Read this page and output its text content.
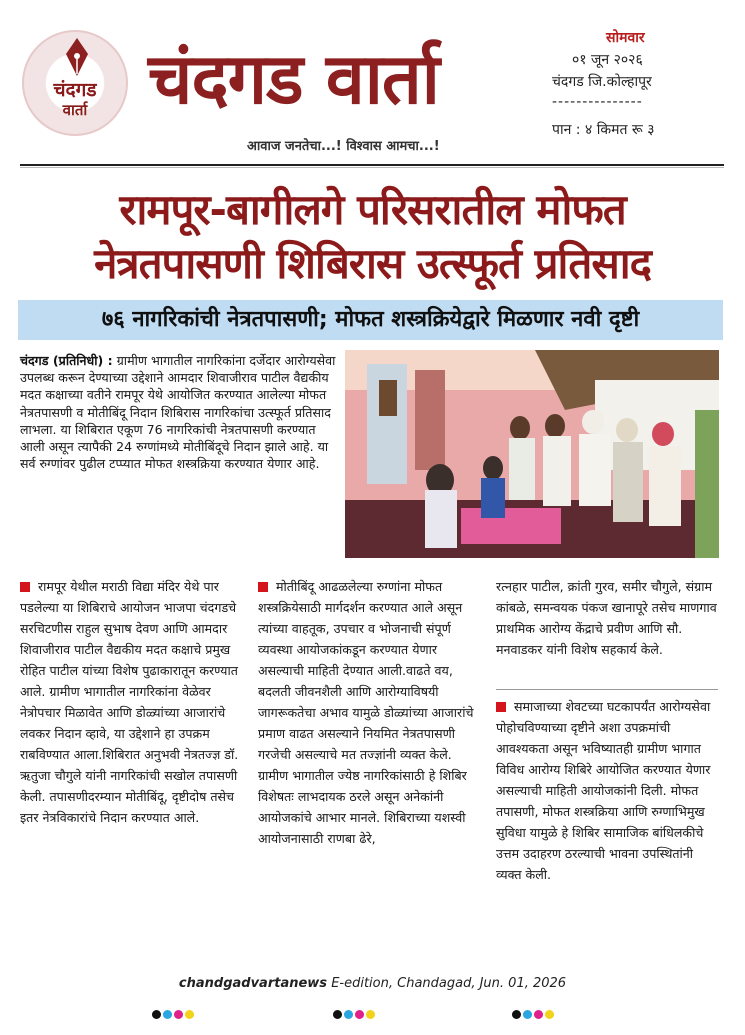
चंदगड
वार्ता चंदगड वार्ता
आवाज जनतेचा...! विश्वास आमचा...!
सोमवार
०१ जून २०२६
चंदगड जि.कोल्हापूर
---------------
पान : ४ किमत रू ३
रामपूर-बागीलगे परिसरातील मोफत
नेत्रतपासणी शिबिरास उत्स्फूर्त प्रतिसाद
७६ नागरिकांची नेत्रतपासणी; मोफत शस्त्रक्रियेद्वारे मिळणार नवी दृष्टी
चंदगड (प्रतिनिधी) : ग्रामीण भागातील नागरिकांना दर्जेदार आरोग्यसेवा उपलब्ध करून देण्याच्या उद्देशाने आमदार शिवाजीराव पाटील वैद्यकीय मदत कक्षाच्या वतीने रामपूर येथे आयोजित करण्यात आलेल्या मोफत नेत्रतपासणी व मोतीबिंदू निदान शिबिरास नागरिकांचा उत्स्फूर्त प्रतिसाद लाभला. या शिबिरात एकूण 76 नागरिकांची नेत्रतपासणी करण्यात आली असून त्यापैकी 24 रुग्णांमध्ये मोतीबिंदूचे निदान झाले आहे. या सर्व रुग्णांवर पुढील टप्प्यात मोफत शस्त्रक्रिया करण्यात येणार आहे.
रामपूर येथील मराठी विद्या मंदिर येथे पार पडलेल्या या शिबिराचे आयोजन भाजपा चंदगडचे सरचिटणीस राहुल सुभाष देवण आणि आमदार शिवाजीराव पाटील वैद्यकीय मदत कक्षाचे प्रमुख रोहित पाटील यांच्या विशेष पुढाकारातून करण्यात आले. ग्रामीण भागातील नागरिकांना वेळेवर नेत्रोपचार मिळावेत आणि डोळ्यांच्या आजारांचे लवकर निदान व्हावे, या उद्देशाने हा उपक्रम राबविण्यात आला.शिबिरात अनुभवी नेत्रतज्ज्ञ डॉ. ऋतुजा चौगुले यांनी नागरिकांची सखोल तपासणी केली. तपासणीदरम्यान मोतीबिंदू, दृष्टीदोष तसेच इतर नेत्रविकारांचे निदान करण्यात आले.
मोतीबिंदू आढळलेल्या रुग्णांना मोफत शस्त्रक्रियेसाठी मार्गदर्शन करण्यात आले असून त्यांच्या वाहतूक, उपचार व भोजनाची संपूर्ण व्यवस्था आयोजकांकडून करण्यात येणार असल्याची माहिती देण्यात आली.वाढते वय, बदलती जीवनशैली आणि आरोग्याविषयी जागरूकतेचा अभाव यामुळे डोळ्यांच्या आजारांचे प्रमाण वाढत असल्याने नियमित नेत्रतपासणी गरजेची असल्याचे मत तज्ज्ञांनी व्यक्त केले. ग्रामीण भागातील ज्येष्ठ नागरिकांसाठी हे शिबिर विशेषतः लाभदायक ठरले असून अनेकांनी आयोजकांचे आभार मानले. शिबिराच्या यशस्वी आयोजनासाठी राणबा ढेरे,
रत्नहार पाटील, क्रांती गुरव, समीर चौगुले, संग्राम कांबळे, समन्वयक पंकज खानापूरे तसेच माणगाव प्राथमिक आरोग्य केंद्राचे प्रवीण आणि सौ. मनवाडकर यांनी विशेष सहकार्य केले.
समाजाच्या शेवटच्या घटकापर्यंत आरोग्यसेवा पोहोचविण्याच्या दृष्टीने अशा उपक्रमांची आवश्यकता असून भविष्यातही ग्रामीण भागात विविध आरोग्य शिबिरे आयोजित करण्यात येणार असल्याची माहिती आयोजकांनी दिली. मोफत तपासणी, मोफत शस्त्रक्रिया आणि रुग्णाभिमुख सुविधा यामुळे हे शिबिर सामाजिक बांधिलकीचे उत्तम उदाहरण ठरल्याची भावना उपस्थितांनी व्यक्त केली.
chandgadvartanews E-edition, Chandagad, Jun. 01, 2026
